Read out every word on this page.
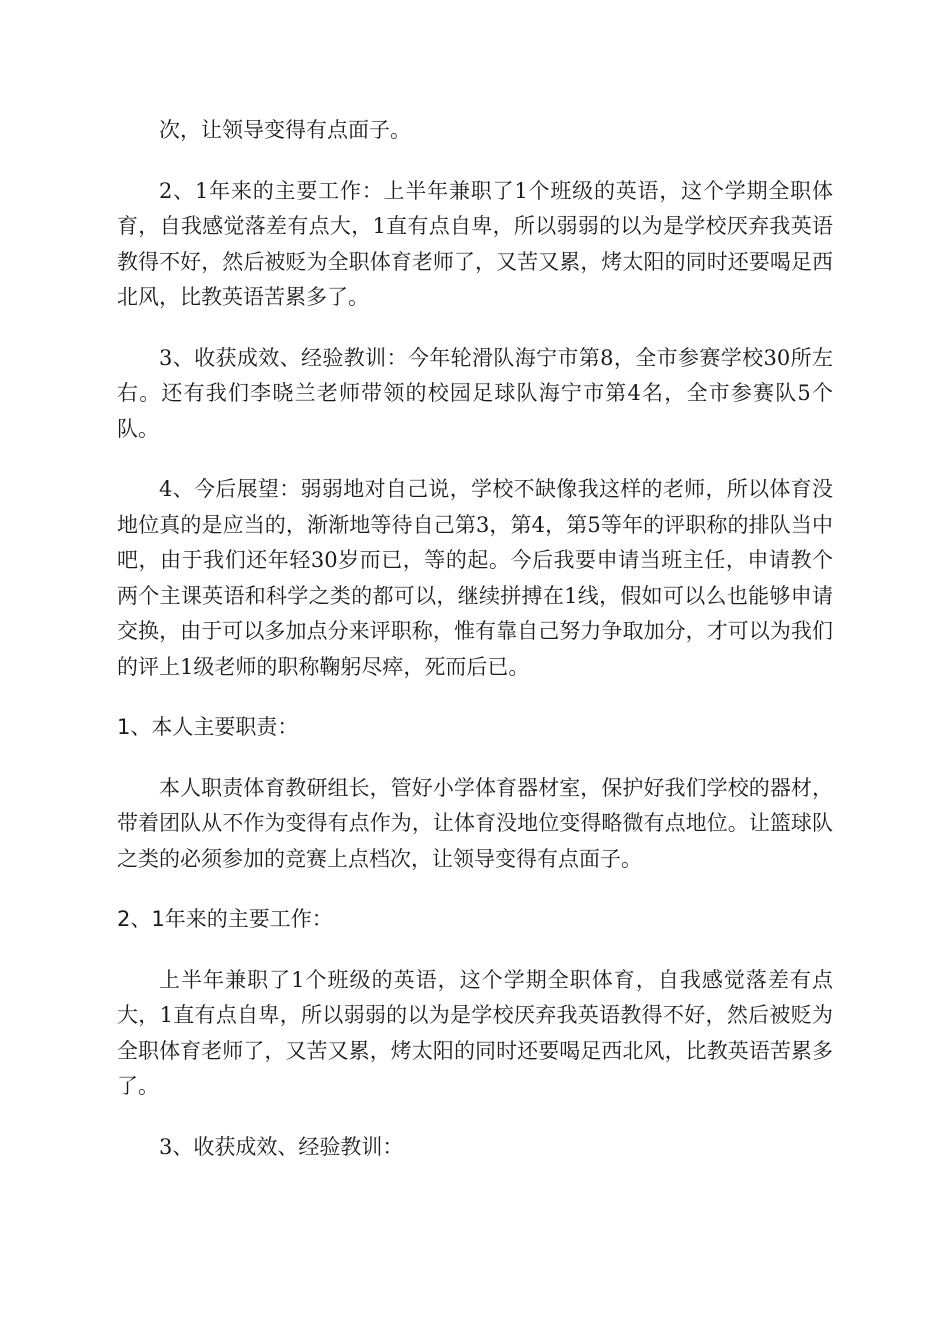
次，让领导变得有点面子。

2、1年来的主要工作：上半年兼职了1个班级的英语，这个学期全职体育，自我感觉落差有点大，1直有点自卑，所以弱弱的以为是学校厌弃我英语教得不好，然后被贬为全职体育老师了，又苦又累，烤太阳的同时还要喝足西北风，比教英语苦累多了。

3、收获成效、经验教训：今年轮滑队海宁市第8，全市参赛学校30所左右。还有我们李晓兰老师带领的校园足球队海宁市第4名，全市参赛队5个队。

4、今后展望：弱弱地对自己说，学校不缺像我这样的老师，所以体育没地位真的是应当的，渐渐地等待自己第3，第4，第5等年的评职称的排队当中吧，由于我们还年轻30岁而已，等的起。今后我要申请当班主任，申请教个两个主课英语和科学之类的都可以，继续拼搏在1线，假如可以么也能够申请交换，由于可以多加点分来评职称，惟有靠自己努力争取加分，才可以为我们的评上1级老师的职称鞠躬尽瘁，死而后已。

1、本人主要职责：

本人职责体育教研组长，管好小学体育器材室，保护好我们学校的器材，带着团队从不作为变得有点作为，让体育没地位变得略微有点地位。让篮球队之类的必须参加的竞赛上点档次，让领导变得有点面子。

2、1年来的主要工作：

上半年兼职了1个班级的英语，这个学期全职体育，自我感觉落差有点大，1直有点自卑，所以弱弱的以为是学校厌弃我英语教得不好，然后被贬为全职体育老师了，又苦又累，烤太阳的同时还要喝足西北风，比教英语苦累多了。

3、收获成效、经验教训：
